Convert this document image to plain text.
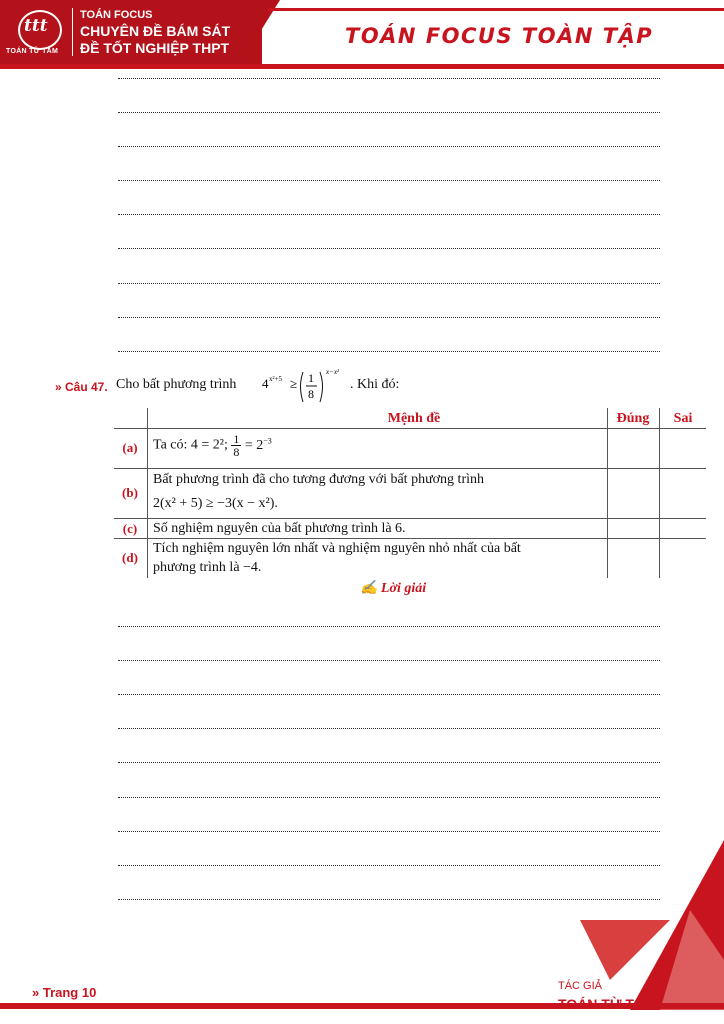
ttt
TOÁN TỪ TÂM
TOÁN FOCUS
CHUYÊN ĐỀ BÁM SÁT
ĐỀ TỐT NGHIỆP THPT	TOÁN FOCUS TOÀN TẬP
» Câu 47. Cho bất phương trình 4 x²+5 ≥ 1
8
x−x²
. Khi đó:
Mệnh đề	Đúng	Sai
(a)	Ta có: 4 = 2²; $\frac{1}{8} = 2^{-3}$
(b)
Bất phương trình đã cho tương đương với bất phương trình
2(x² + 5) ≥ −3(x − x²).
(c)	Số nghiệm nguyên của bất phương trình là 6.
(d)
Tích nghiệm nguyên lớn nhất và nghiệm nguyên nhỏ nhất của bất
phương trình là −4.
✍ Lời giải
» Trang 10	TÁC GIẢ
TOÁN TỪ TÂM
